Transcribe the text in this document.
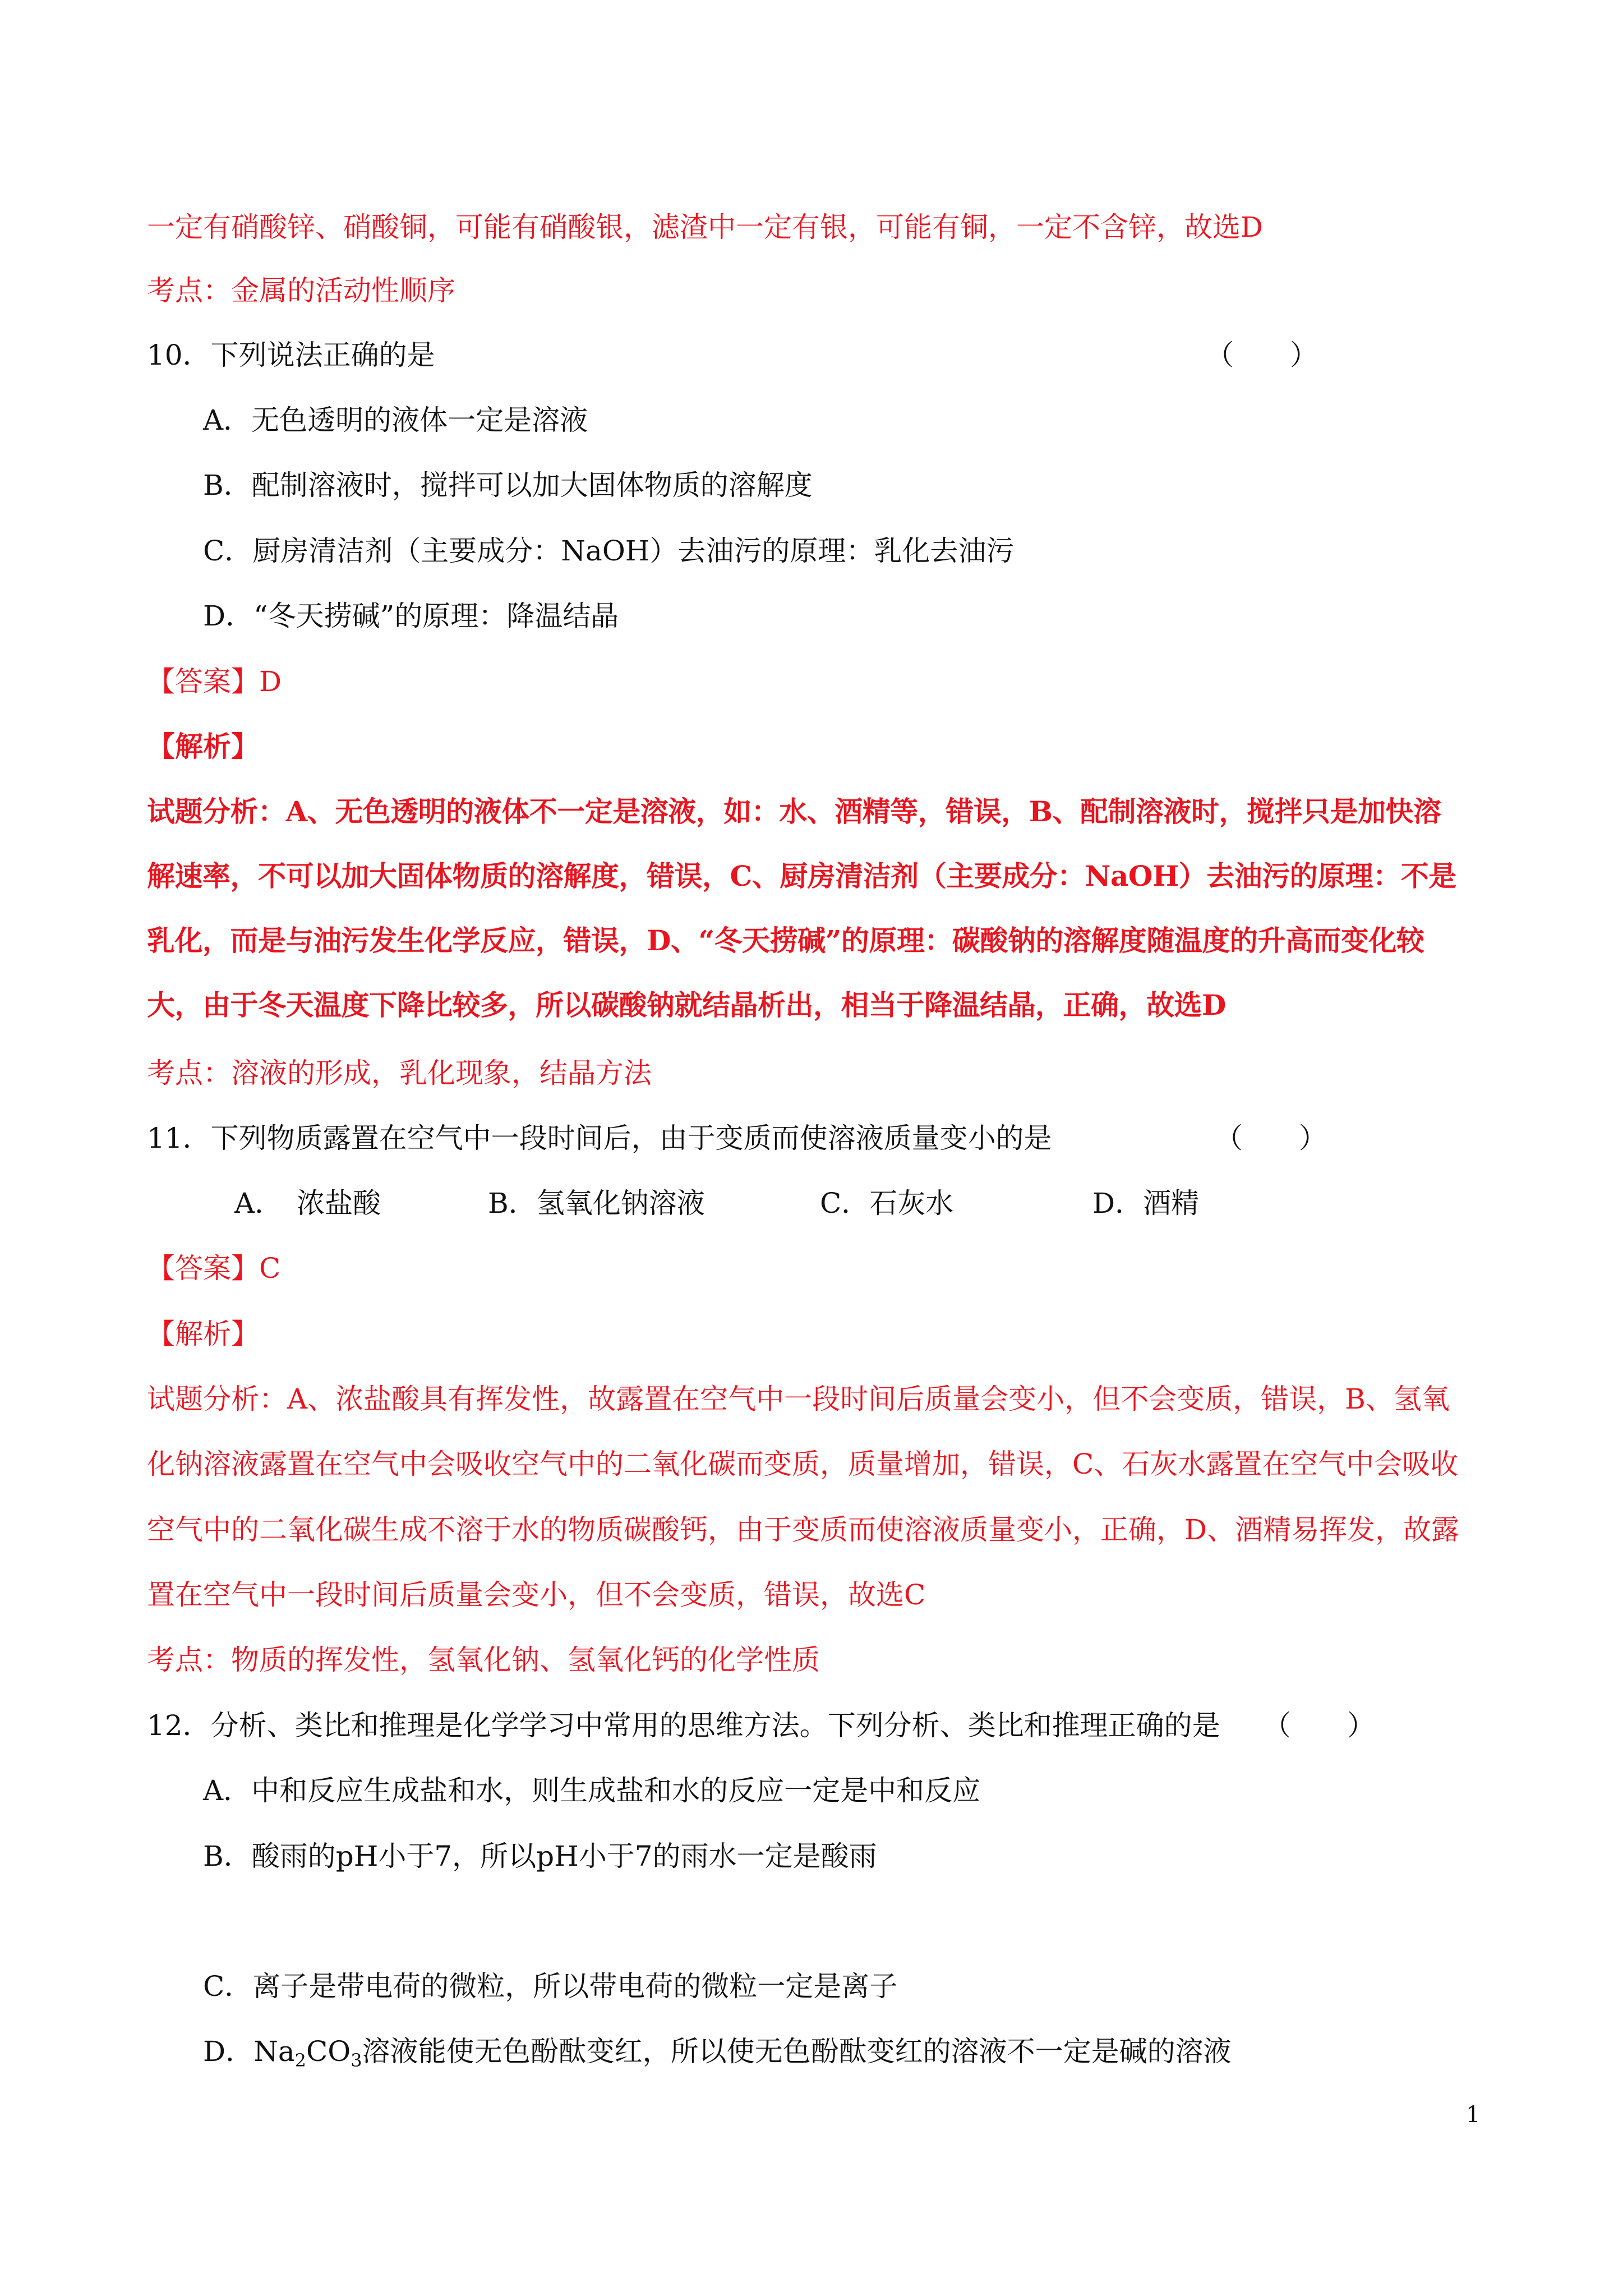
一定有硝酸锌、硝酸铜，可能有硝酸银，滤渣中一定有银，可能有铜，一定不含锌，故选D
考点：金属的活动性顺序
10．下列说法正确的是	（　　）
A．无色透明的液体一定是溶液
B．配制溶液时，搅拌可以加大固体物质的溶解度
C．厨房清洁剂（主要成分：NaOH）去油污的原理：乳化去油污
D．“冬天捞碱”的原理：降温结晶
【答案】D
【解析】
试题分析：A、无色透明的液体不一定是溶液，如：水、酒精等，错误，B、配制溶液时，搅拌只是加快溶
解速率，不可以加大固体物质的溶解度，错误，C、厨房清洁剂（主要成分：NaOH）去油污的原理：不是
乳化，而是与油污发生化学反应，错误，D、“冬天捞碱”的原理：碳酸钠的溶解度随温度的升高而变化较
大，由于冬天温度下降比较多，所以碳酸钠就结晶析出，相当于降温结晶，正确，故选D
考点：溶液的形成，乳化现象，结晶方法
11．下列物质露置在空气中一段时间后，由于变质而使溶液质量变小的是	（　　）
A．　浓盐酸	B．氢氧化钠溶液	C．石灰水	D．酒精
【答案】C
【解析】
试题分析：A、浓盐酸具有挥发性，故露置在空气中一段时间后质量会变小，但不会变质，错误，B、氢氧
化钠溶液露置在空气中会吸收空气中的二氧化碳而变质，质量增加，错误，C、石灰水露置在空气中会吸收
空气中的二氧化碳生成不溶于水的物质碳酸钙，由于变质而使溶液质量变小，正确，D、酒精易挥发，故露
置在空气中一段时间后质量会变小，但不会变质，错误，故选C
考点：物质的挥发性，氢氧化钠、氢氧化钙的化学性质
12．分析、类比和推理是化学学习中常用的思维方法。下列分析、类比和推理正确的是 （　　）
A．中和反应生成盐和水，则生成盐和水的反应一定是中和反应
B．酸雨的pH小于7，所以pH小于7的雨水一定是酸雨
C．离子是带电荷的微粒，所以带电荷的微粒一定是离子
D．$Na_2CO_3$溶液能使无色酚酞变红，所以使无色酚酞变红的溶液不一定是碱的溶液
1
